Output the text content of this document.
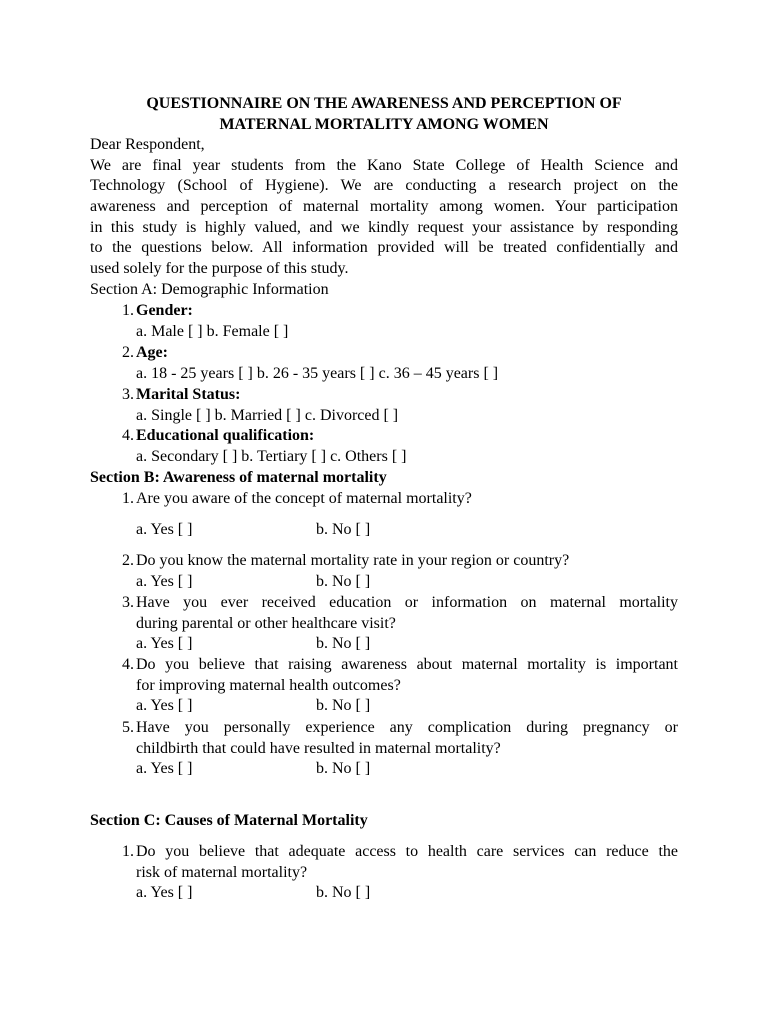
QUESTIONNAIRE ON THE AWARENESS AND PERCEPTION OF
MATERNAL MORTALITY AMONG WOMEN
Dear Respondent,
We are final year students from the Kano State College of Health Science and
Technology (School of Hygiene). We are conducting a research project on the
awareness and perception of maternal mortality among women. Your participation
in this study is highly valued, and we kindly request your assistance by responding
to the questions below. All information provided will be treated confidentially and
used solely for the purpose of this study.
Section A: Demographic Information
1. Gender:
a. Male [ ] b. Female [ ]
2. Age:
a. 18 - 25 years [ ] b. 26 - 35 years [ ] c. 36 – 45 years [ ]
3. Marital Status:
a. Single [ ] b. Married [ ] c. Divorced [ ]
4. Educational qualification:
a. Secondary [ ] b. Tertiary [ ] c. Others [ ]
Section B: Awareness of maternal mortality
1. Are you aware of the concept of maternal mortality?
a. Yes [ ]	b. No [ ]
2. Do you know the maternal mortality rate in your region or country?
a. Yes [ ]	b. No [ ]
3. Have you ever received education or information on maternal mortality
during parental or other healthcare visit?
a. Yes [ ]	b. No [ ]
4. Do you believe that raising awareness about maternal mortality is important
for improving maternal health outcomes?
a. Yes [ ]	b. No [ ]
5. Have you personally experience any complication during pregnancy or
childbirth that could have resulted in maternal mortality?
a. Yes [ ]	b. No [ ]
Section C: Causes of Maternal Mortality
1. Do you believe that adequate access to health care services can reduce the
risk of maternal mortality?
a. Yes [ ]	b. No [ ]
